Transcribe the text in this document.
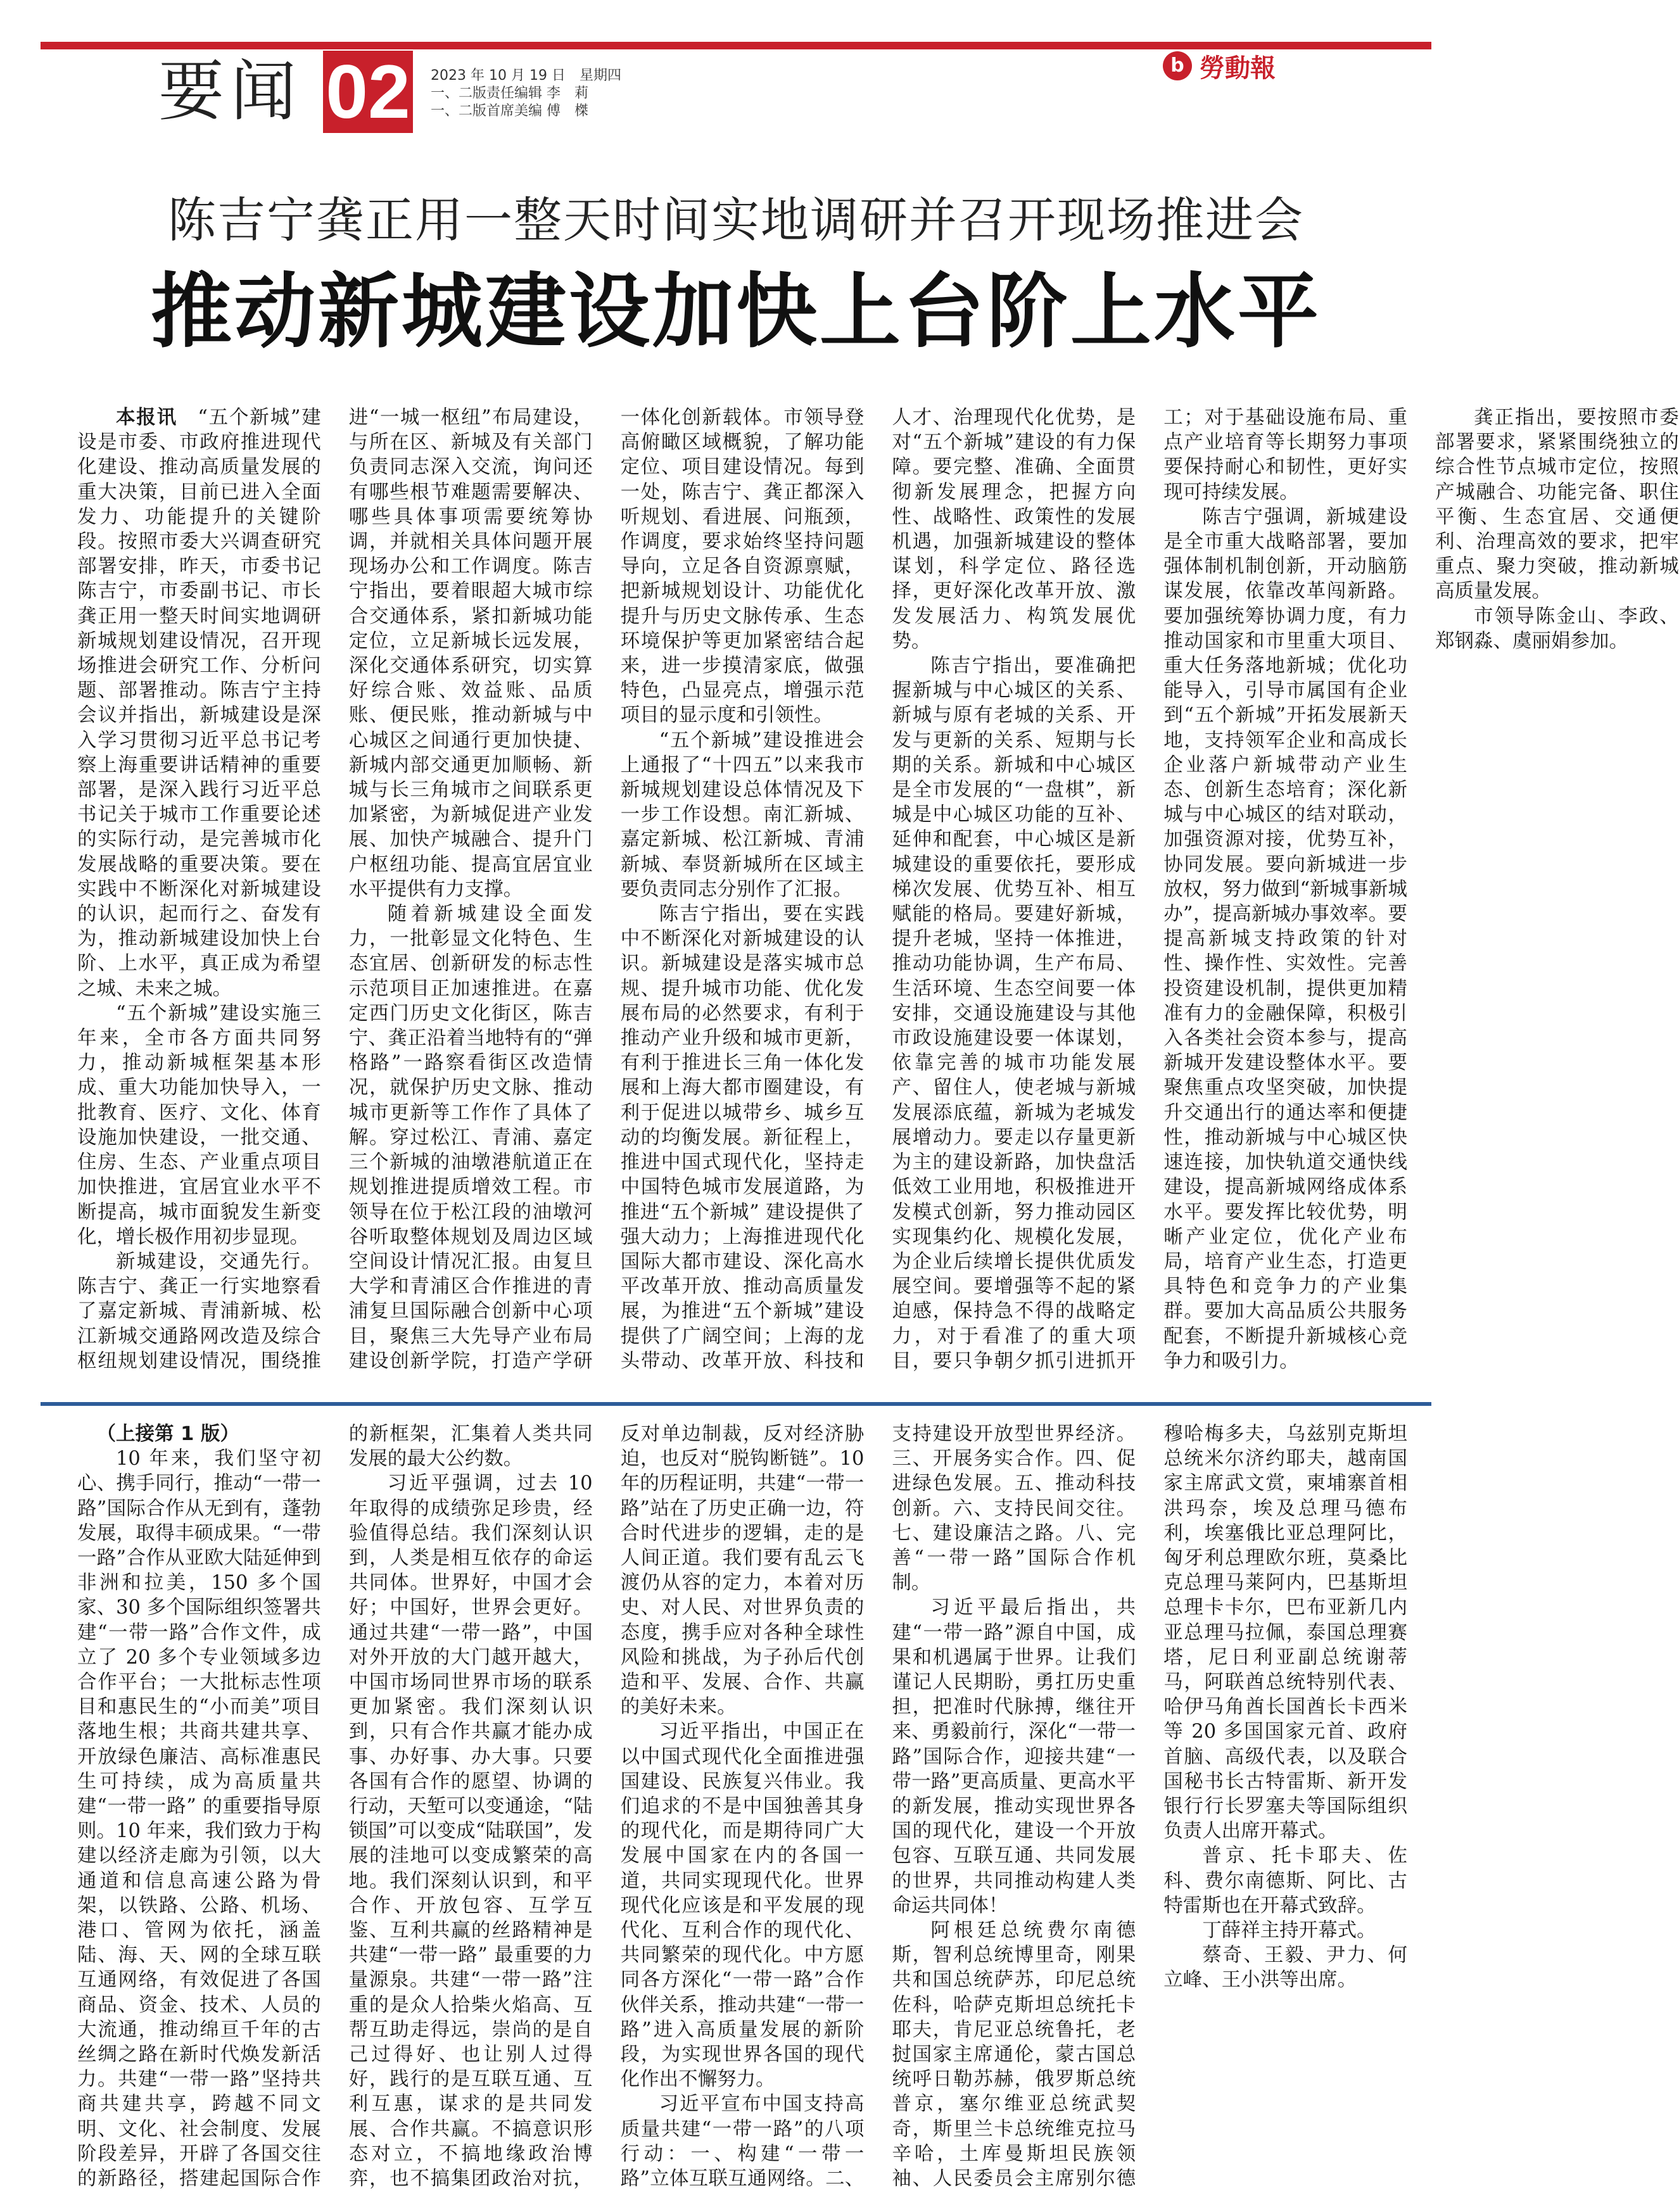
要闻 02 2023 年 10 月 19 日　星期四
一、二版责任编辑 李　莉
一、二版首席美编 傅　榤
b 勞動報
陈吉宁龚正用一整天时间实地调研并召开现场推进会
推动新城建设加快上台阶上水平

本报讯　 “五个新城”建设是市委、市政府推进现代化建设、推动高质量发展的重大决策，目前已进入全面发力、功能提升的关键阶段。按照市委大兴调查研究部署安排，昨天，市委书记陈吉宁，市委副书记、市长龚正用一整天时间实地调研新城规划建设情况，召开现场推进会研究工作、分析问题、部署推动。陈吉宁主持会议并指出，新城建设是深入学习贯彻习近平总书记考察上海重要讲话精神的重要部署，是深入践行习近平总书记关于城市工作重要论述的实际行动，是完善城市化发展战略的重要决策。要在实践中不断深化对新城建设的认识，起而行之、奋发有为，推动新城建设加快上台阶、上水平，真正成为希望之城、未来之城。

“五个新城”建设实施三年来，全市各方面共同努力，推动新城框架基本形成、重大功能加快导入，一批教育、医疗、文化、体育设施加快建设，一批交通、住房、生态、产业重点项目加快推进，宜居宜业水平不断提高，城市面貌发生新变化，增长极作用初步显现。

新城建设，交通先行。陈吉宁、龚正一行实地察看了嘉定新城、青浦新城、松江新城交通路网改造及综合枢纽规划建设情况，围绕推进“一城一枢纽”布局建设，与所在区、新城及有关部门负责同志深入交流，询问还有哪些根节难题需要解决、哪些具体事项需要统筹协调，并就相关具体问题开展现场办公和工作调度。陈吉宁指出，要着眼超大城市综合交通体系，紧扣新城功能定位，立足新城长远发展，深化交通体系研究，切实算好综合账、效益账、品质账、便民账，推动新城与中心城区之间通行更加快捷、新城内部交通更加顺畅、新城与长三角城市之间联系更加紧密，为新城促进产业发展、加快产城融合、提升门户枢纽功能、提高宜居宜业水平提供有力支撑。

随着新城建设全面发力，一批彰显文化特色、生态宜居、创新研发的标志性示范项目正加速推进。在嘉定西门历史文化街区，陈吉宁、龚正沿着当地特有的“弹格路”一路察看街区改造情况，就保护历史文脉、推动城市更新等工作作了具体了解。穿过松江、青浦、嘉定三个新城的油墩港航道正在规划推进提质增效工程。市领导在位于松江段的油墩河谷听取整体规划及周边区域空间设计情况汇报。由复旦大学和青浦区合作推进的青浦复旦国际融合创新中心项目，聚焦三大先导产业布局建设创新学院，打造产学研一体化创新载体。市领导登高俯瞰区域概貌，了解功能定位、项目建设情况。每到一处，陈吉宁、龚正都深入听规划、看进展、问瓶颈，作调度，要求始终坚持问题导向，立足各自资源禀赋，把新城规划设计、功能优化提升与历史文脉传承、生态环境保护等更加紧密结合起来，进一步摸清家底，做强特色，凸显亮点，增强示范项目的显示度和引领性。

“五个新城”建设推进会上通报了“十四五”以来我市新城规划建设总体情况及下一步工作设想。南汇新城、嘉定新城、松江新城、青浦新城、奉贤新城所在区域主要负责同志分别作了汇报。

陈吉宁指出，要在实践中不断深化对新城建设的认识。新城建设是落实城市总规、提升城市功能、优化发展布局的必然要求，有利于推动产业升级和城市更新，有利于推进长三角一体化发展和上海大都市圈建设，有利于促进以城带乡、城乡互动的均衡发展。新征程上，推进中国式现代化，坚持走中国特色城市发展道路，为推进“五个新城” 建设提供了强大动力；上海推进现代化国际大都市建设、深化高水平改革开放、推动高质量发展，为推进“五个新城”建设提供了广阔空间；上海的龙头带动、改革开放、科技和人才、治理现代化优势，是对“五个新城”建设的有力保障。要完整、准确、全面贯彻新发展理念，把握方向性、战略性、政策性的发展机遇，加强新城建设的整体谋划，科学定位、路径选择，更好深化改革开放、激发发展活力、构筑发展优势。

陈吉宁指出，要准确把握新城与中心城区的关系、新城与原有老城的关系、开发与更新的关系、短期与长期的关系。新城和中心城区是全市发展的“一盘棋”，新城是中心城区功能的互补、延伸和配套，中心城区是新城建设的重要依托，要形成梯次发展、优势互补、相互赋能的格局。要建好新城，提升老城，坚持一体推进，推动功能协调，生产布局、生活环境、生态空间要一体安排，交通设施建设与其他市政设施建设要一体谋划，依靠完善的城市功能发展产、留住人，使老城与新城发展添底蕴，新城为老城发展增动力。要走以存量更新为主的建设新路，加快盘活低效工业用地，积极推进开发模式创新，努力推动园区实现集约化、规模化发展，为企业后续增长提供优质发展空间。要增强等不起的紧迫感，保持急不得的战略定力，对于看准了的重大项目，要只争朝夕抓引进抓开工；对于基础设施布局、重点产业培育等长期努力事项要保持耐心和韧性，更好实现可持续发展。

陈吉宁强调，新城建设是全市重大战略部署，要加强体制机制创新，开动脑筋谋发展，依靠改革闯新路。要加强统筹协调力度，有力推动国家和市里重大项目、重大任务落地新城；优化功能导入，引导市属国有企业到“五个新城”开拓发展新天地，支持领军企业和高成长企业落户新城带动产业生态、创新生态培育；深化新城与中心城区的结对联动，加强资源对接，优势互补，协同发展。要向新城进一步放权，努力做到“新城事新城办”，提高新城办事效率。要提高新城支持政策的针对性、操作性、实效性。完善投资建设机制，提供更加精准有力的金融保障，积极引入各类社会资本参与，提高新城开发建设整体水平。要聚焦重点攻坚突破，加快提升交通出行的通达率和便捷性，推动新城与中心城区快速连接，加快轨道交通快线建设，提高新城网络成体系水平。要发挥比较优势，明晰产业定位，优化产业布局，培育产业生态，打造更具特色和竞争力的产业集群。要加大高品质公共服务配套，不断提升新城核心竞争力和吸引力。

龚正指出，要按照市委部署要求，紧紧围绕独立的综合性节点城市定位，按照产城融合、功能完备、职住平衡、生态宜居、交通便利、治理高效的要求，把牢重点、聚力突破，推动新城高质量发展。

市领导陈金山、李政、郑钢淼、虞丽娟参加。

（上接第 1 版）

10 年来，我们坚守初心、携手同行，推动“一带一路”国际合作从无到有，蓬勃发展，取得丰硕成果。“一带一路”合作从亚欧大陆延伸到非洲和拉美，150 多个国家、30 多个国际组织签署共建“一带一路”合作文件，成立了 20 多个专业领域多边合作平台；一大批标志性项目和惠民生的“小而美”项目落地生根；共商共建共享、开放绿色廉洁、高标准惠民生可持续，成为高质量共建“一带一路” 的重要指导原则。10 年来，我们致力于构建以经济走廊为引领，以大通道和信息高速公路为骨架，以铁路、公路、机场、港口、管网为依托，涵盖陆、海、天、网的全球互联互通网络，有效促进了各国商品、资金、技术、人员的大流通，推动绵亘千年的古丝绸之路在新时代焕发新活力。共建“一带一路”坚持共商共建共享，跨越不同文明、文化、社会制度、发展阶段差异，开辟了各国交往的新路径，搭建起国际合作的新框架，汇集着人类共同发展的最大公约数。

习近平强调，过去 10 年取得的成绩弥足珍贵，经验值得总结。我们深刻认识到，人类是相互依存的命运共同体。世界好，中国才会好；中国好，世界会更好。通过共建“一带一路”，中国对外开放的大门越开越大，中国市场同世界市场的联系更加紧密。我们深刻认识到，只有合作共赢才能办成事、办好事、办大事。只要各国有合作的愿望、协调的行动，天堑可以变通途，“陆锁国”可以变成“陆联国”，发展的洼地可以变成繁荣的高地。我们深刻认识到，和平合作、开放包容、互学互鉴、互利共赢的丝路精神是共建“一带一路” 最重要的力量源泉。共建“一带一路”注重的是众人拾柴火焰高、互帮互助走得远，崇尚的是自己过得好、也让别人过得好，践行的是互联互通、互利互惠，谋求的是共同发展、合作共赢。不搞意识形态对立，不搞地缘政治博弈，也不搞集团政治对抗，反对单边制裁，反对经济胁迫，也反对“脱钩断链”。10 年的历程证明，共建“一带一路”站在了历史正确一边，符合时代进步的逻辑，走的是人间正道。我们要有乱云飞渡仍从容的定力，本着对历史、对人民、对世界负责的态度，携手应对各种全球性风险和挑战，为子孙后代创造和平、发展、合作、共赢的美好未来。

习近平指出，中国正在以中国式现代化全面推进强国建设、民族复兴伟业。我们追求的不是中国独善其身的现代化，而是期待同广大发展中国家在内的各国一道，共同实现现代化。世界现代化应该是和平发展的现代化、互利合作的现代化、共同繁荣的现代化。中方愿同各方深化“一带一路”合作伙伴关系，推动共建“一带一路”进入高质量发展的新阶段，为实现世界各国的现代化作出不懈努力。

习近平宣布中国支持高质量共建“一带一路”的八项行动：一、构建“一带一路”立体互联互通网络。二、支持建设开放型世界经济。三、开展务实合作。四、促进绿色发展。五、推动科技创新。六、支持民间交往。七、建设廉洁之路。八、完善“一带一路”国际合作机制。

习近平最后指出，共建“一带一路”源自中国，成果和机遇属于世界。让我们谨记人民期盼，勇扛历史重担，把准时代脉搏，继往开来、勇毅前行，深化“一带一路”国际合作，迎接共建“一带一路”更高质量、更高水平的新发展，推动实现世界各国的现代化，建设一个开放包容、互联互通、共同发展的世界，共同推动构建人类命运共同体！

阿根廷总统费尔南德斯，智利总统博里奇，刚果共和国总统萨苏，印尼总统佐科，哈萨克斯坦总统托卡耶夫，肯尼亚总统鲁托，老挝国家主席通伦，蒙古国总统呼日勒苏赫，俄罗斯总统普京，塞尔维亚总统武契奇，斯里兰卡总统维克拉马辛哈，土库曼斯坦民族领袖、人民委员会主席别尔德穆哈梅多夫，乌兹别克斯坦总统米尔济约耶夫，越南国家主席武文赏，柬埔寨首相洪玛奈，埃及总理马德布利，埃塞俄比亚总理阿比，匈牙利总理欧尔班，莫桑比克总理马莱阿内，巴基斯坦总理卡卡尔，巴布亚新几内亚总理马拉佩，泰国总理赛塔，尼日利亚副总统谢蒂马，阿联酋总统特别代表、哈伊马角酋长国酋长卡西米等 20 多国国家元首、政府首脑、高级代表，以及联合国秘书长古特雷斯、新开发银行行长罗塞夫等国际组织负责人出席开幕式。

普京、托卡耶夫、佐科、费尔南德斯、阿比、古特雷斯也在开幕式致辞。

丁薛祥主持开幕式。

蔡奇、王毅、尹力、何立峰、王小洪等出席。
